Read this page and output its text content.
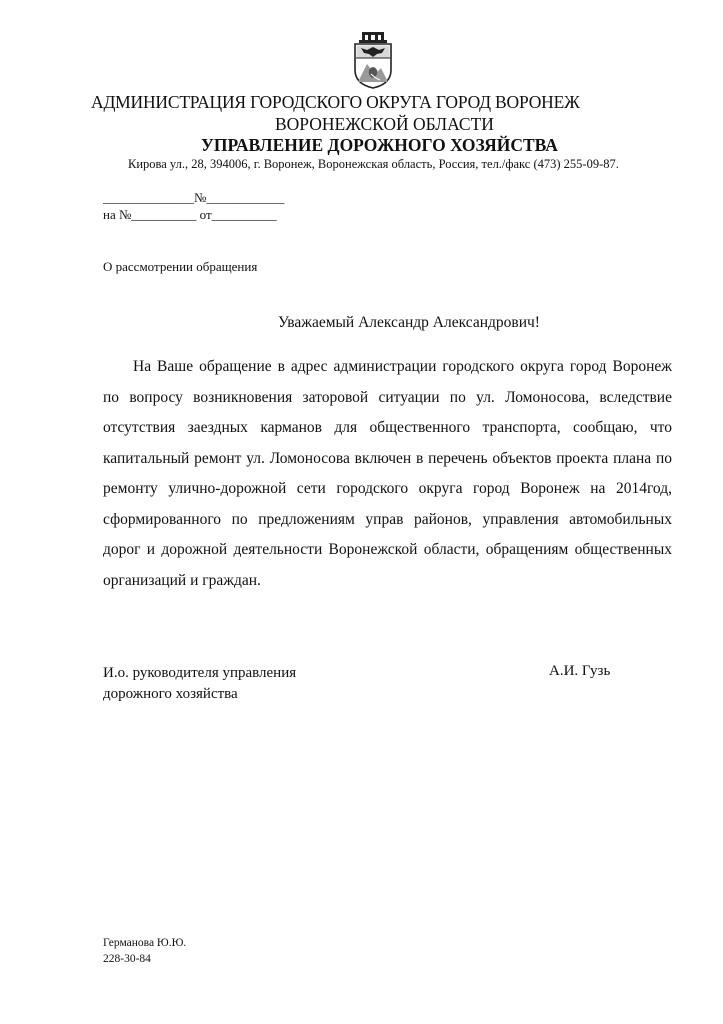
АДМИНИСТРАЦИЯ ГОРОДСКОГО ОКРУГА ГОРОД ВОРОНЕЖ
ВОРОНЕЖСКОЙ ОБЛАСТИ
УПРАВЛЕНИЕ ДОРОЖНОГО ХОЗЯЙСТВА
Кирова ул., 28, 394006, г. Воронеж, Воронежская область, Россия, тел./факс (473) 255-09-87.
______________№____________
на №__________ от__________
О рассмотрении обращения
Уважаемый Александр Александрович!

На Ваше обращение в адрес администрации городского округа город Воронеж по вопросу возникновения заторовой ситуации по ул. Ломоносова, вследствие отсутствия заездных карманов для общественного транспорта, сообщаю, что капитальный ремонт ул. Ломоносова включен в перечень объектов проекта плана по ремонту улично-дорожной сети городского округа город Воронеж на 2014год, сформированного по предложениям управ районов, управления автомобильных дорог и дорожной деятельности Воронежской области, обращениям общественных организаций и граждан.

И.о. руководителя управления
дорожного хозяйства
А.И. Гузь
Германова Ю.Ю.
228-30-84
